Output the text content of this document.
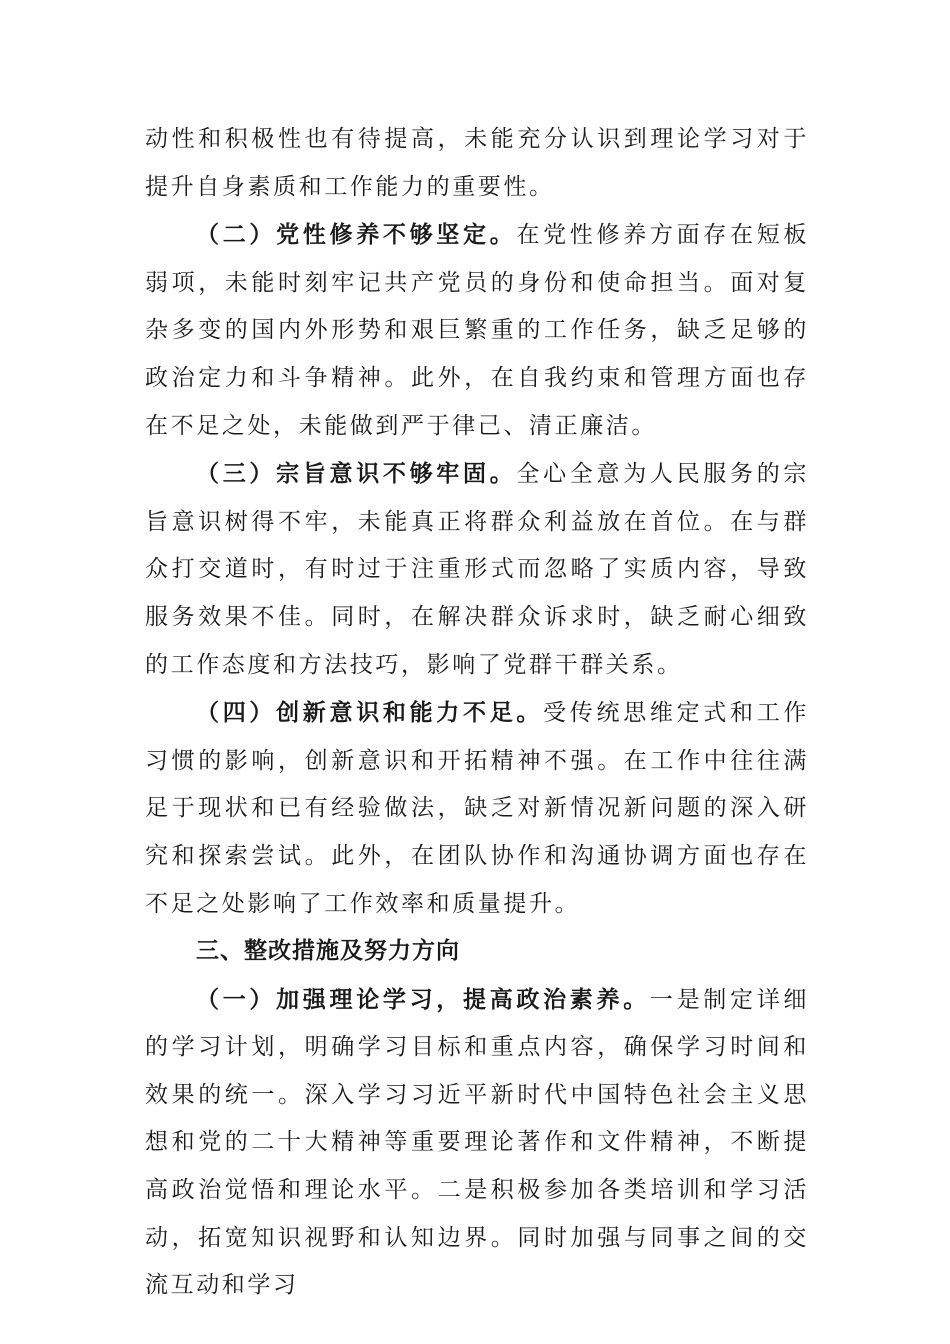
动性和积极性也有待提高，未能充分认识到理论学习对于提升自身素质和工作能力的重要性。

（二）党性修养不够坚定。在党性修养方面存在短板弱项，未能时刻牢记共产党员的身份和使命担当。面对复杂多变的国内外形势和艰巨繁重的工作任务，缺乏足够的政治定力和斗争精神。此外，在自我约束和管理方面也存在不足之处，未能做到严于律己、清正廉洁。

（三）宗旨意识不够牢固。全心全意为人民服务的宗旨意识树得不牢，未能真正将群众利益放在首位。在与群众打交道时，有时过于注重形式而忽略了实质内容，导致服务效果不佳。同时，在解决群众诉求时，缺乏耐心细致的工作态度和方法技巧，影响了党群干群关系。

（四）创新意识和能力不足。受传统思维定式和工作习惯的影响，创新意识和开拓精神不强。在工作中往往满足于现状和已有经验做法，缺乏对新情况新问题的深入研究和探索尝试。此外，在团队协作和沟通协调方面也存在不足之处影响了工作效率和质量提升。

三、整改措施及努力方向

（一）加强理论学习，提高政治素养。一是制定详细的学习计划，明确学习目标和重点内容，确保学习时间和效果的统一。深入学习习近平新时代中国特色社会主义思想和党的二十大精神等重要理论著作和文件精神，不断提高政治觉悟和理论水平。二是积极参加各类培训和学习活动，拓宽知识视野和认知边界。同时加强与同事之间的交流互动和学习
